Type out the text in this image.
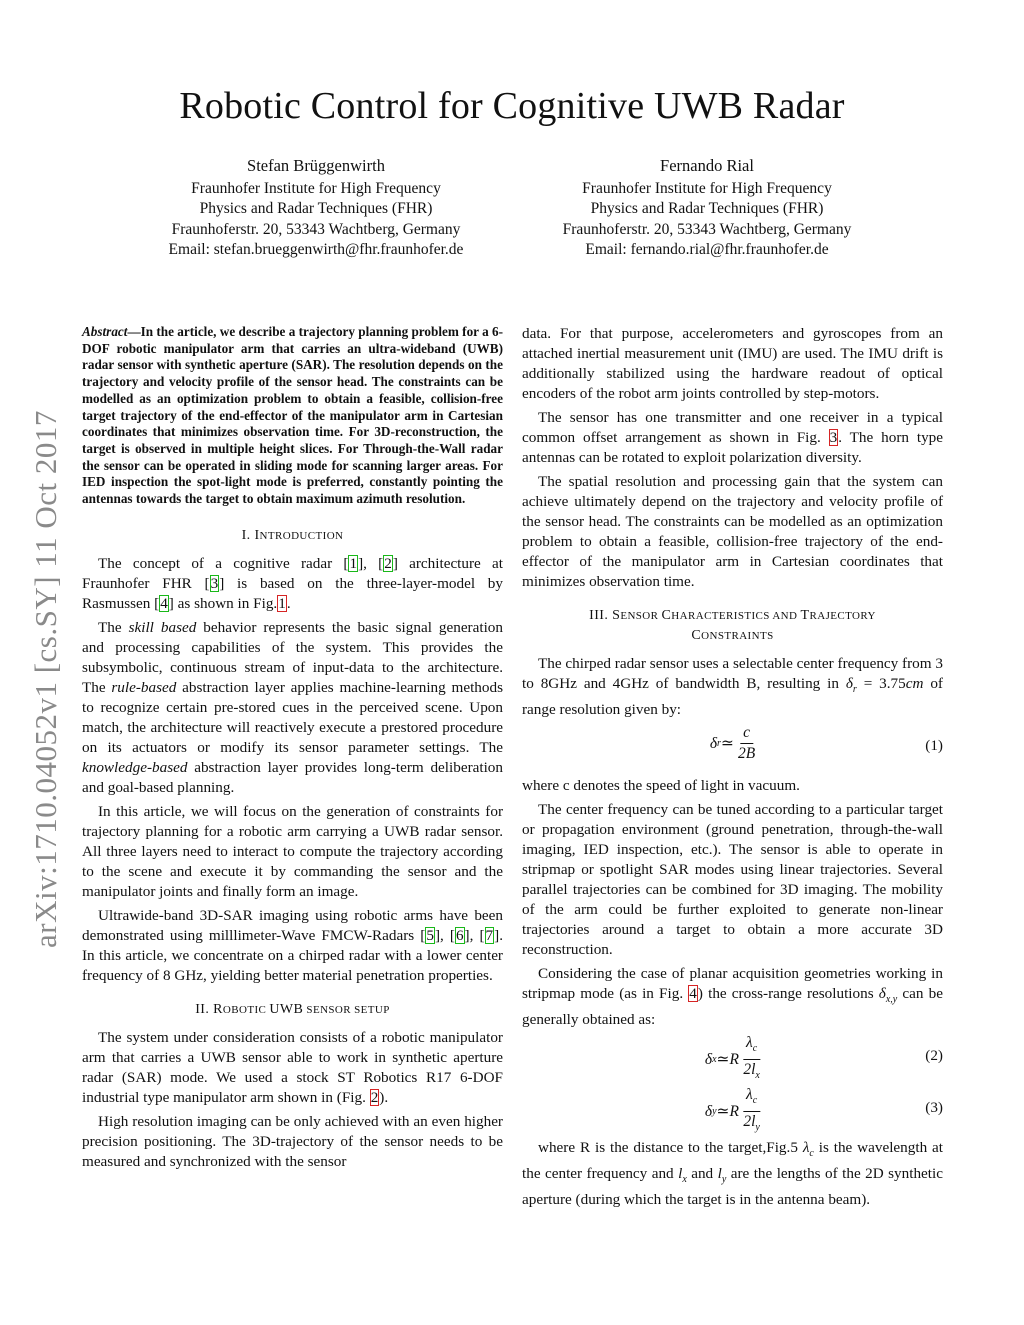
Robotic Control for Cognitive UWB Radar
Stefan Brüggenwirth
Fraunhofer Institute for High Frequency
Physics and Radar Techniques (FHR)
Fraunhoferstr. 20, 53343 Wachtberg, Germany
Email: stefan.brueggenwirth@fhr.fraunhofer.de
Fernando Rial
Fraunhofer Institute for High Frequency
Physics and Radar Techniques (FHR)
Fraunhoferstr. 20, 53343 Wachtberg, Germany
Email: fernando.rial@fhr.fraunhofer.de
arXiv:1710.04052v1 [cs.SY] 11 Oct 2017
Abstract—In the article, we describe a trajectory planning problem for a 6-DOF robotic manipulator arm that carries an ultra-wideband (UWB) radar sensor with synthetic aperture (SAR). The resolution depends on the trajectory and velocity profile of the sensor head. The constraints can be modelled as an optimization problem to obtain a feasible, collision-free target trajectory of the end-effector of the manipulator arm in Cartesian coordinates that minimizes observation time. For 3D-reconstruction, the target is observed in multiple height slices. For Through-the-Wall radar the sensor can be operated in sliding mode for scanning larger areas. For IED inspection the spot-light mode is preferred, constantly pointing the antennas towards the target to obtain maximum azimuth resolution.
I. INTRODUCTION

The concept of a cognitive radar [1], [2] architecture at Fraunhofer FHR [3] is based on the three-layer-model by Rasmussen [4] as shown in Fig.1.

The skill based behavior represents the basic signal generation and processing capabilities of the system. This provides the subsymbolic, continuous stream of input-data to the architecture. The rule-based abstraction layer applies machine-learning methods to recognize certain pre-stored cues in the perceived scene. Upon match, the architecture will reactively execute a prestored procedure on its actuators or modify its sensor parameter settings. The knowledge-based abstraction layer provides long-term deliberation and goal-based planning.

In this article, we will focus on the generation of constraints for trajectory planning for a robotic arm carrying a UWB radar sensor. All three layers need to interact to compute the trajectory according to the scene and execute it by commanding the sensor and the manipulator joints and finally form an image.

Ultrawide-band 3D-SAR imaging using robotic arms have been demonstrated using milllimeter-Wave FMCW-Radars [5], [6], [7]. In this article, we concentrate on a chirped radar with a lower center frequency of 8 GHz, yielding better material penetration properties.

II. ROBOTIC UWB SENSOR SETUP

The system under consideration consists of a robotic manipulator arm that carries a UWB sensor able to work in synthetic aperture radar (SAR) mode. We used a stock ST Robotics R17 6-DOF industrial type manipulator arm shown in (Fig. 2).

High resolution imaging can be only achieved with an even higher precision positioning. The 3D-trajectory of the sensor needs to be measured and synchronized with the sensor

data. For that purpose, accelerometers and gyroscopes from an attached inertial measurement unit (IMU) are used. The IMU drift is additionally stabilized using the hardware readout of optical encoders of the robot arm joints controlled by step-motors.

The sensor has one transmitter and one receiver in a typical common offset arrangement as shown in Fig. 3. The horn type antennas can be rotated to exploit polarization diversity.

The spatial resolution and processing gain that the system can achieve ultimately depend on the trajectory and velocity profile of the sensor head. The constraints can be modelled as an optimization problem to obtain a feasible, collision-free trajectory of the end-effector of the manipulator arm in Cartesian coordinates that minimizes observation time.

III. SENSOR CHARACTERISTICS AND TRAJECTORY
CONSTRAINTS

The chirped radar sensor uses a selectable center frequency from 3 to 8GHz and 4GHz of bandwidth B, resulting in $\delta_r = 3.75cm$ of range resolution given by:

δ r ≃ $\frac{c}{2B}$	(1)

where c denotes the speed of light in vacuum.

The center frequency can be tuned according to a particular target or propagation environment (ground penetration, through-the-wall imaging, IED inspection, etc.). The sensor is able to operate in stripmap or spotlight SAR modes using linear trajectories. Several parallel trajectories can be combined for 3D imaging. The mobility of the arm could be further exploited to generate non-linear trajectories around a target to obtain a more accurate 3D reconstruction.

Considering the case of planar acquisition geometries working in stripmap mode (as in Fig. 4) the cross-range resolutions $\delta_{x,y}$ can be generally obtained as:

δ x ≃ R $\frac{\lambda_c}{2l_x}$	(2)
δ y ≃ R $\frac{\lambda_c}{2l_y}$	(3)

where R is the distance to the target,Fig.5 $\lambda_c$ is the wavelength at the center frequency and $l_x$ and $l_y$ are the lengths of the 2D synthetic aperture (during which the target is in the antenna beam).
